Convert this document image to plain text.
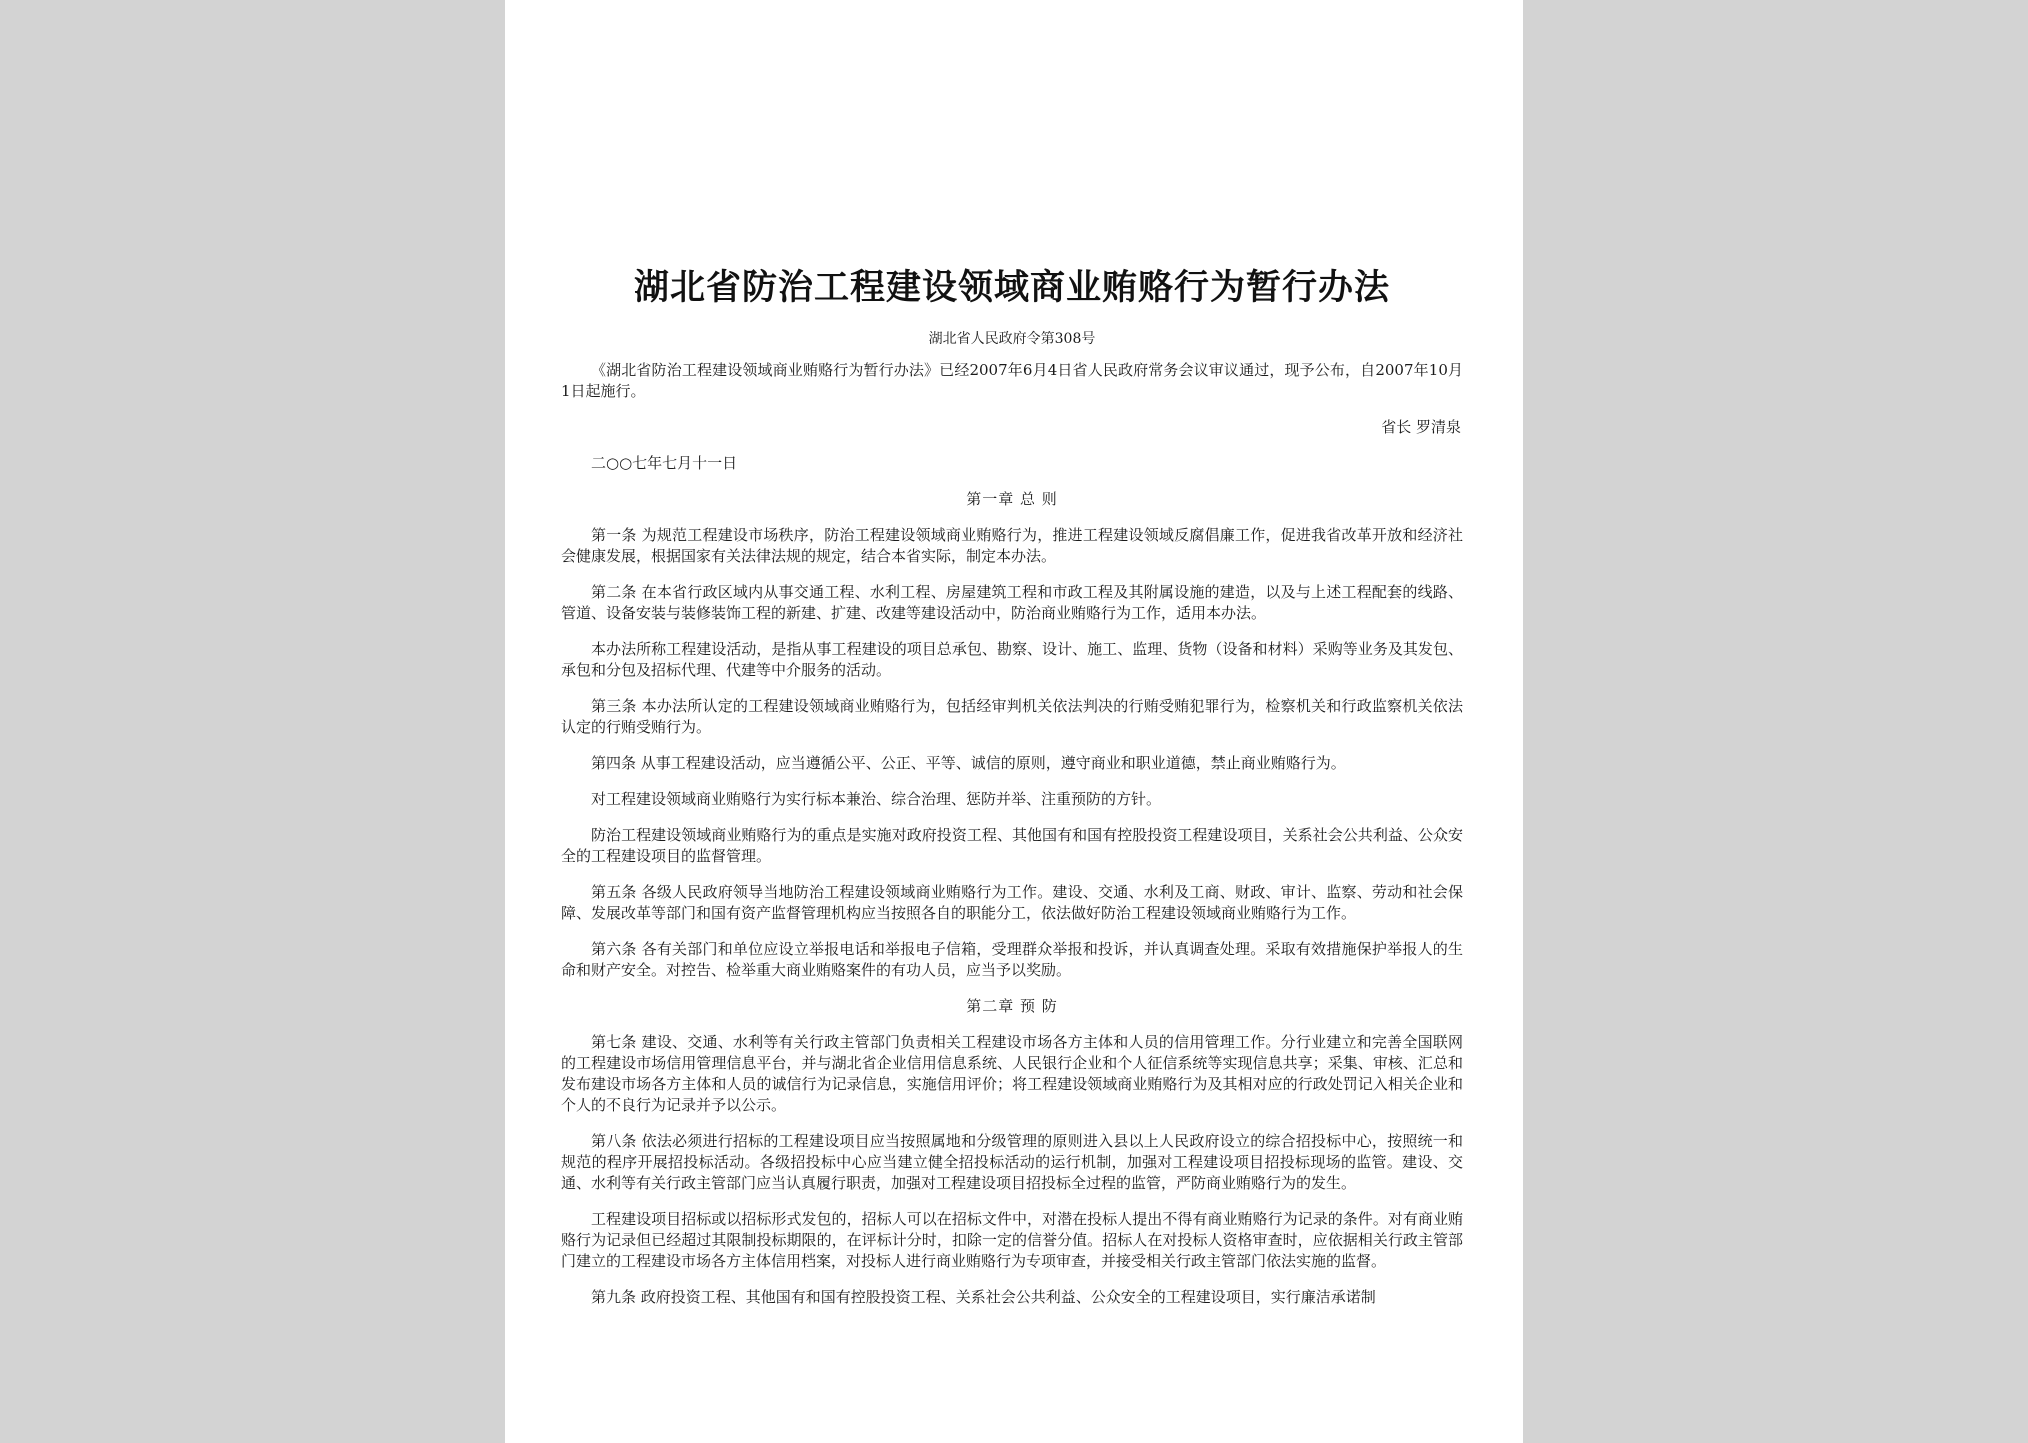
湖北省防治工程建设领域商业贿赂行为暂行办法
湖北省人民政府令第308号

《湖北省防治工程建设领域商业贿赂行为暂行办法》已经2007年6月4日省人民政府常务会议审议通过，现予公布，自2007年10月1日起施行。

省长 罗清泉
二○○七年七月十一日
第一章 总 则

第一条 为规范工程建设市场秩序，防治工程建设领域商业贿赂行为，推进工程建设领域反腐倡廉工作，促进我省改革开放和经济社会健康发展，根据国家有关法律法规的规定，结合本省实际，制定本办法。

第二条 在本省行政区域内从事交通工程、水利工程、房屋建筑工程和市政工程及其附属设施的建造，以及与上述工程配套的线路、管道、设备安装与装修装饰工程的新建、扩建、改建等建设活动中，防治商业贿赂行为工作，适用本办法。

本办法所称工程建设活动，是指从事工程建设的项目总承包、勘察、设计、施工、监理、货物（设备和材料）采购等业务及其发包、承包和分包及招标代理、代建等中介服务的活动。

第三条 本办法所认定的工程建设领域商业贿赂行为，包括经审判机关依法判决的行贿受贿犯罪行为，检察机关和行政监察机关依法认定的行贿受贿行为。

第四条 从事工程建设活动，应当遵循公平、公正、平等、诚信的原则，遵守商业和职业道德，禁止商业贿赂行为。

对工程建设领域商业贿赂行为实行标本兼治、综合治理、惩防并举、注重预防的方针。

防治工程建设领域商业贿赂行为的重点是实施对政府投资工程、其他国有和国有控股投资工程建设项目，关系社会公共利益、公众安全的工程建设项目的监督管理。

第五条 各级人民政府领导当地防治工程建设领域商业贿赂行为工作。建设、交通、水利及工商、财政、审计、监察、劳动和社会保障、发展改革等部门和国有资产监督管理机构应当按照各自的职能分工，依法做好防治工程建设领域商业贿赂行为工作。

第六条 各有关部门和单位应设立举报电话和举报电子信箱，受理群众举报和投诉，并认真调查处理。采取有效措施保护举报人的生命和财产安全。对控告、检举重大商业贿赂案件的有功人员，应当予以奖励。

第二章 预 防

第七条 建设、交通、水利等有关行政主管部门负责相关工程建设市场各方主体和人员的信用管理工作。分行业建立和完善全国联网的工程建设市场信用管理信息平台，并与湖北省企业信用信息系统、人民银行企业和个人征信系统等实现信息共享；采集、审核、汇总和发布建设市场各方主体和人员的诚信行为记录信息，实施信用评价；将工程建设领域商业贿赂行为及其相对应的行政处罚记入相关企业和个人的不良行为记录并予以公示。

第八条 依法必须进行招标的工程建设项目应当按照属地和分级管理的原则进入县以上人民政府设立的综合招投标中心，按照统一和规范的程序开展招投标活动。各级招投标中心应当建立健全招投标活动的运行机制，加强对工程建设项目招投标现场的监管。建设、交通、水利等有关行政主管部门应当认真履行职责，加强对工程建设项目招投标全过程的监管，严防商业贿赂行为的发生。

工程建设项目招标或以招标形式发包的，招标人可以在招标文件中，对潜在投标人提出不得有商业贿赂行为记录的条件。对有商业贿赂行为记录但已经超过其限制投标期限的，在评标计分时，扣除一定的信誉分值。招标人在对投标人资格审查时，应依据相关行政主管部门建立的工程建设市场各方主体信用档案，对投标人进行商业贿赂行为专项审查，并接受相关行政主管部门依法实施的监督。

第九条 政府投资工程、其他国有和国有控股投资工程、关系社会公共利益、公众安全的工程建设项目，实行廉洁承诺制
